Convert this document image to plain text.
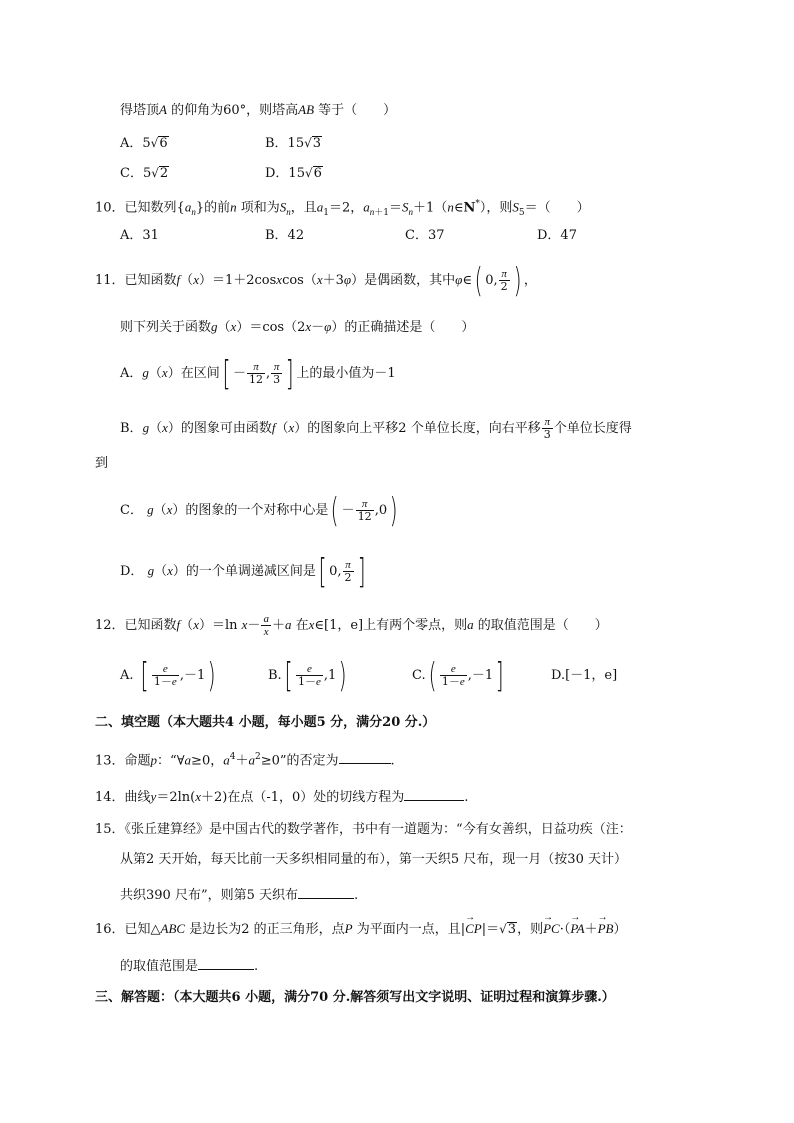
得塔顶A 的仰角为60°，则塔高AB 等于（　　）
A．5√6	B．15√3
C．5√2	D．15√6
10．已知数列$\{a_n\}$的前n 项和为$S_n$，且$a_1=2$，$a_{n+1}=S_n+1(n\in N^*)$，则$S_5=$（　　）
A．31	B．42	C．37	D．47
11．已知函数f（x）＝1＋2cosxcos（x＋3φ）是偶函数，其中φ∈( 0, $\frac{\pi}{2}$ ) ，
则下列关于函数g（x）＝cos（2x－φ）的正确描述是（　　）
A．g（x）在区间[ － $\frac{\pi}{12}$ , $\frac{\pi}{3}$ ] 上的最小值为－1
B．g（x）的图象可由函数f（x）的图象向上平移2 个单位长度，向右平移 $\frac{\pi}{3}$ 个单位长度得
到
C． g（x）的图象的一个对称中心是( － $\frac{\pi}{12} ,0$)
D． g（x）的一个单调递减区间是[ 0, $\frac{\pi}{2}$ ]
12．已知函数f（x）＝ln $x- \frac{a}{x} +a$ 在x∈[1，e]上有两个零点，则a 的取值范围是（　　）
A. [ $\frac{e}{1-e} ,-1$)	$B.[ \frac{e}{1-e} ,1)$	$C.( \frac{e}{1-e} ,-1]$	D.[－1，e]
二、填空题（本大题共4 小题，每小题5 分，满分20 分.）
13．命题p：“∀a≥0，$a^4+a^2\ge 0$”的否定为	.
14．曲线y＝2ln(x＋2)在点（-1，0）处的切线方程为	.
15．《张丘建算经》是中国古代的数学著作，书中有一道题为：“今有女善织，日益功疾（注：
从第2 天开始，每天比前一天多织相同量的布），第一天织5 尺布，现一月（按30 天计）
共织390 尺布”，则第5 天织布	.
16．已知△ABC 是边长为2 的正三角形，点P 为平面内一点，且|→ CP|＝√3，则→ PC·（→ PA＋→ PB）
的取值范围是	.
三、解答题：（本大题共6 小题，满分70 分.解答须写出文字说明、证明过程和演算步骤.）
